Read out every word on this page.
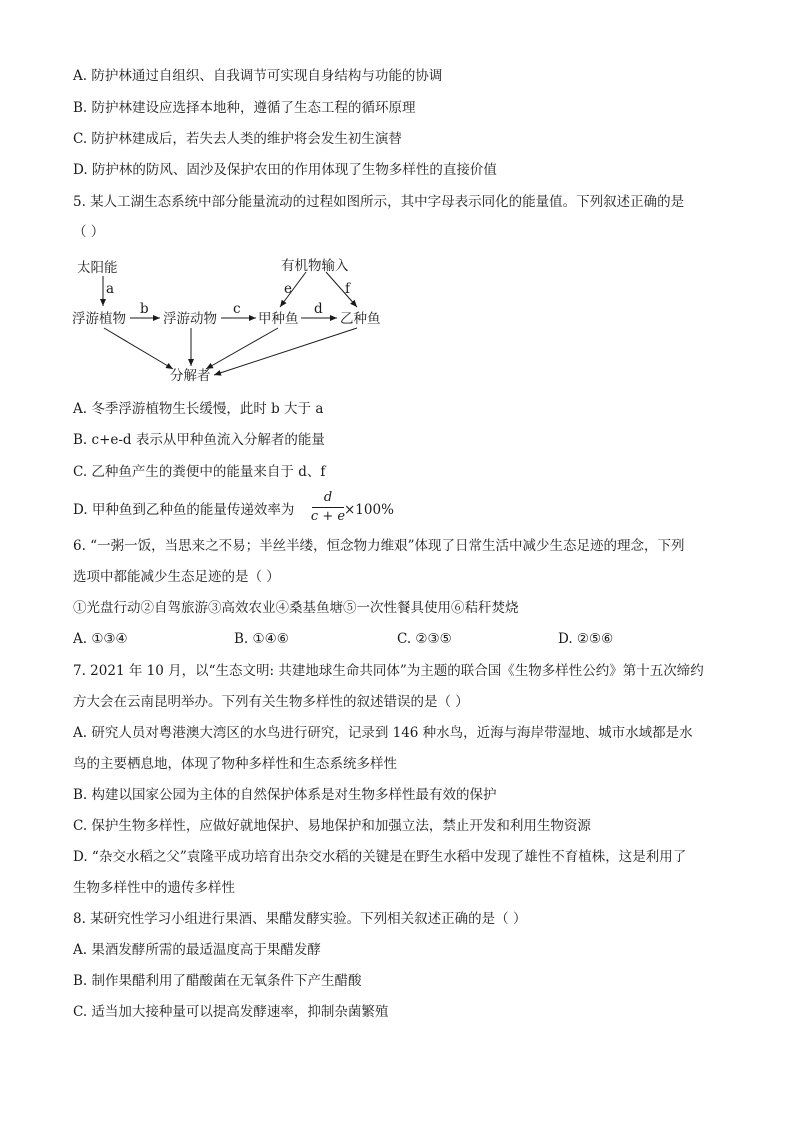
A. 防护林通过自组织、自我调节可实现自身结构与功能的协调
B. 防护林建设应选择本地种，遵循了生态工程的循环原理
C. 防护林建成后，若失去人类的维护将会发生初生演替
D. 防护林的防风、固沙及保护农田的作用体现了生物多样性的直接价值
5. 某人工湖生态系统中部分能量流动的过程如图所示，其中字母表示同化的能量值。下列叙述正确的是
（ ）
太阳能	有机物输入
浮游植物	浮游动物	甲种鱼	乙种鱼
分解者
a
b	c	d
e	f
A. 冬季浮游植物生长缓慢，此时 b 大于 a
B. c+e-d 表示从甲种鱼流入分解者的能量
C. 乙种鱼产生的粪便中的能量来自于 d、f
D. 甲种鱼到乙种鱼的能量传递效率为
d
c + e
×100%
6. “一粥一饭，当思来之不易；半丝半缕，恒念物力维艰”体现了日常生活中减少生态足迹的理念，下列
选项中都能减少生态足迹的是（ ）
①光盘行动②自驾旅游③高效农业④桑基鱼塘⑤一次性餐具使用⑥秸秆焚烧
A. ①③④	B. ①④⑥	C. ②③⑤	D. ②⑤⑥
7. 2021 年 10 月，以“生态文明: 共建地球生命共同体”为主题的联合国《生物多样性公约》第十五次缔约
方大会在云南昆明举办。下列有关生物多样性的叙述错误的是（ ）
A. 研究人员对粤港澳大湾区的水鸟进行研究，记录到 146 种水鸟，近海与海岸带湿地、城市水域都是水
鸟的主要栖息地，体现了物种多样性和生态系统多样性
B. 构建以国家公园为主体的自然保护体系是对生物多样性最有效的保护
C. 保护生物多样性，应做好就地保护、易地保护和加强立法，禁止开发和利用生物资源
D. “杂交水稻之父”袁隆平成功培育出杂交水稻的关键是在野生水稻中发现了雄性不育植株，这是利用了
生物多样性中的遗传多样性
8. 某研究性学习小组进行果酒、果醋发酵实验。下列相关叙述正确的是（ ）
A. 果酒发酵所需的最适温度高于果醋发酵
B. 制作果醋利用了醋酸菌在无氧条件下产生醋酸
C. 适当加大接种量可以提高发酵速率，抑制杂菌繁殖
